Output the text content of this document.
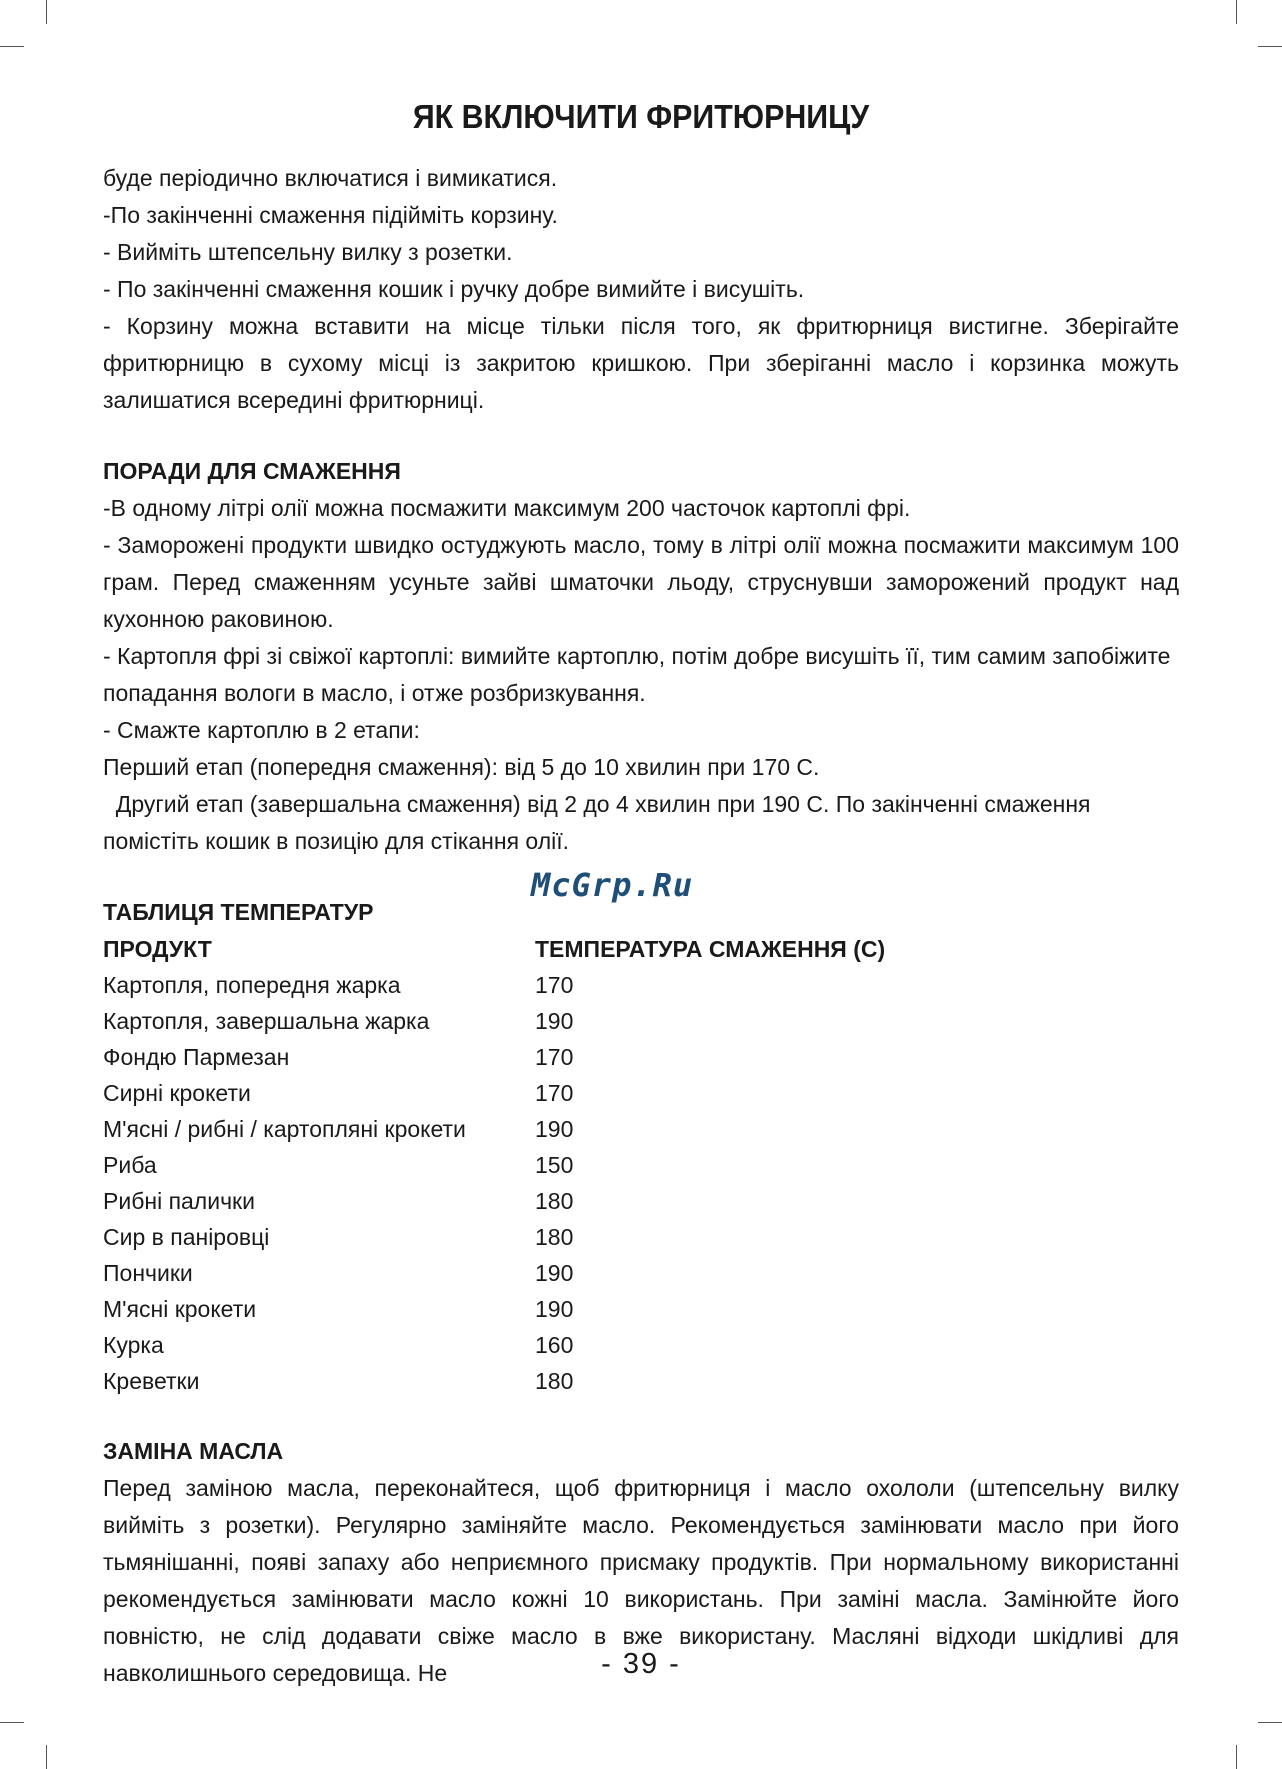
ЯК ВКЛЮЧИТИ ФРИТЮРНИЦУ

буде періодично включатися і вимикатися.

-По закінченні смаження підійміть корзину.

- Вийміть штепсельну вилку з розетки.

- По закінченні смаження кошик і ручку добре вимийте і висушіть.

- Корзину можна вставити на місце тільки після того, як фритюрниця вистигне. Зберігайте фритюрницю в сухому місці із закритою кришкою. При зберіганні масло і корзинка можуть залишатися всередині фритюрниці.

ПОРАДИ ДЛЯ СМАЖЕННЯ

-В одному літрі олії можна посмажити максимум 200 часточок картоплі фрі.

- Заморожені продукти швидко остуджують масло, тому в літрі олії можна посмажити максимум 100 грам. Перед смаженням усуньте зайві шматочки льоду, струснувши заморожений продукт над кухонною раковиною.

- Картопля фрі зі свіжої картоплі: вимийте картоплю, потім добре висушіть її, тим самим запобіжите попадання вологи в масло, і отже розбризкування.

- Смажте картоплю в 2 етапи:

Перший етап (попередня смаження): від 5 до 10 хвилин при 170 С.

Другий етап (завершальна смаження) від 2 до 4 хвилин при 190 С. По закінченні смаження помістіть кошик в позицію для стікання олії.

ТАБЛИЦЯ ТЕМПЕРАТУР

ПРОДУКТ	ТЕМПЕРАТУРА СМАЖЕННЯ (С)
Картопля, попередня жарка	170
Картопля, завершальна жарка	190
Фондю Пармезан	170
Сирні крокети	170
М'ясні / рибні / картопляні крокети	190
Риба	150
Рибні палички	180
Сир в паніровці	180
Пончики	190
М'ясні крокети	190
Курка	160
Креветки	180

ЗАМІНА МАСЛА

Перед заміною масла, переконайтеся, щоб фритюрниця і масло охололи (штепсельну вилку вийміть з розетки). Регулярно заміняйте масло. Рекомендується замінювати масло при його тьмянішанні, появі запаху або неприємного присмаку продуктів. При нормальному використанні рекомендується замінювати масло кожні 10 використань. При заміні масла. Замінюйте його повністю, не слід додавати свіже масло в вже використану. Масляні відходи шкідливі для навколишнього середовища. Не

McGrp.Ru
- 39 -
